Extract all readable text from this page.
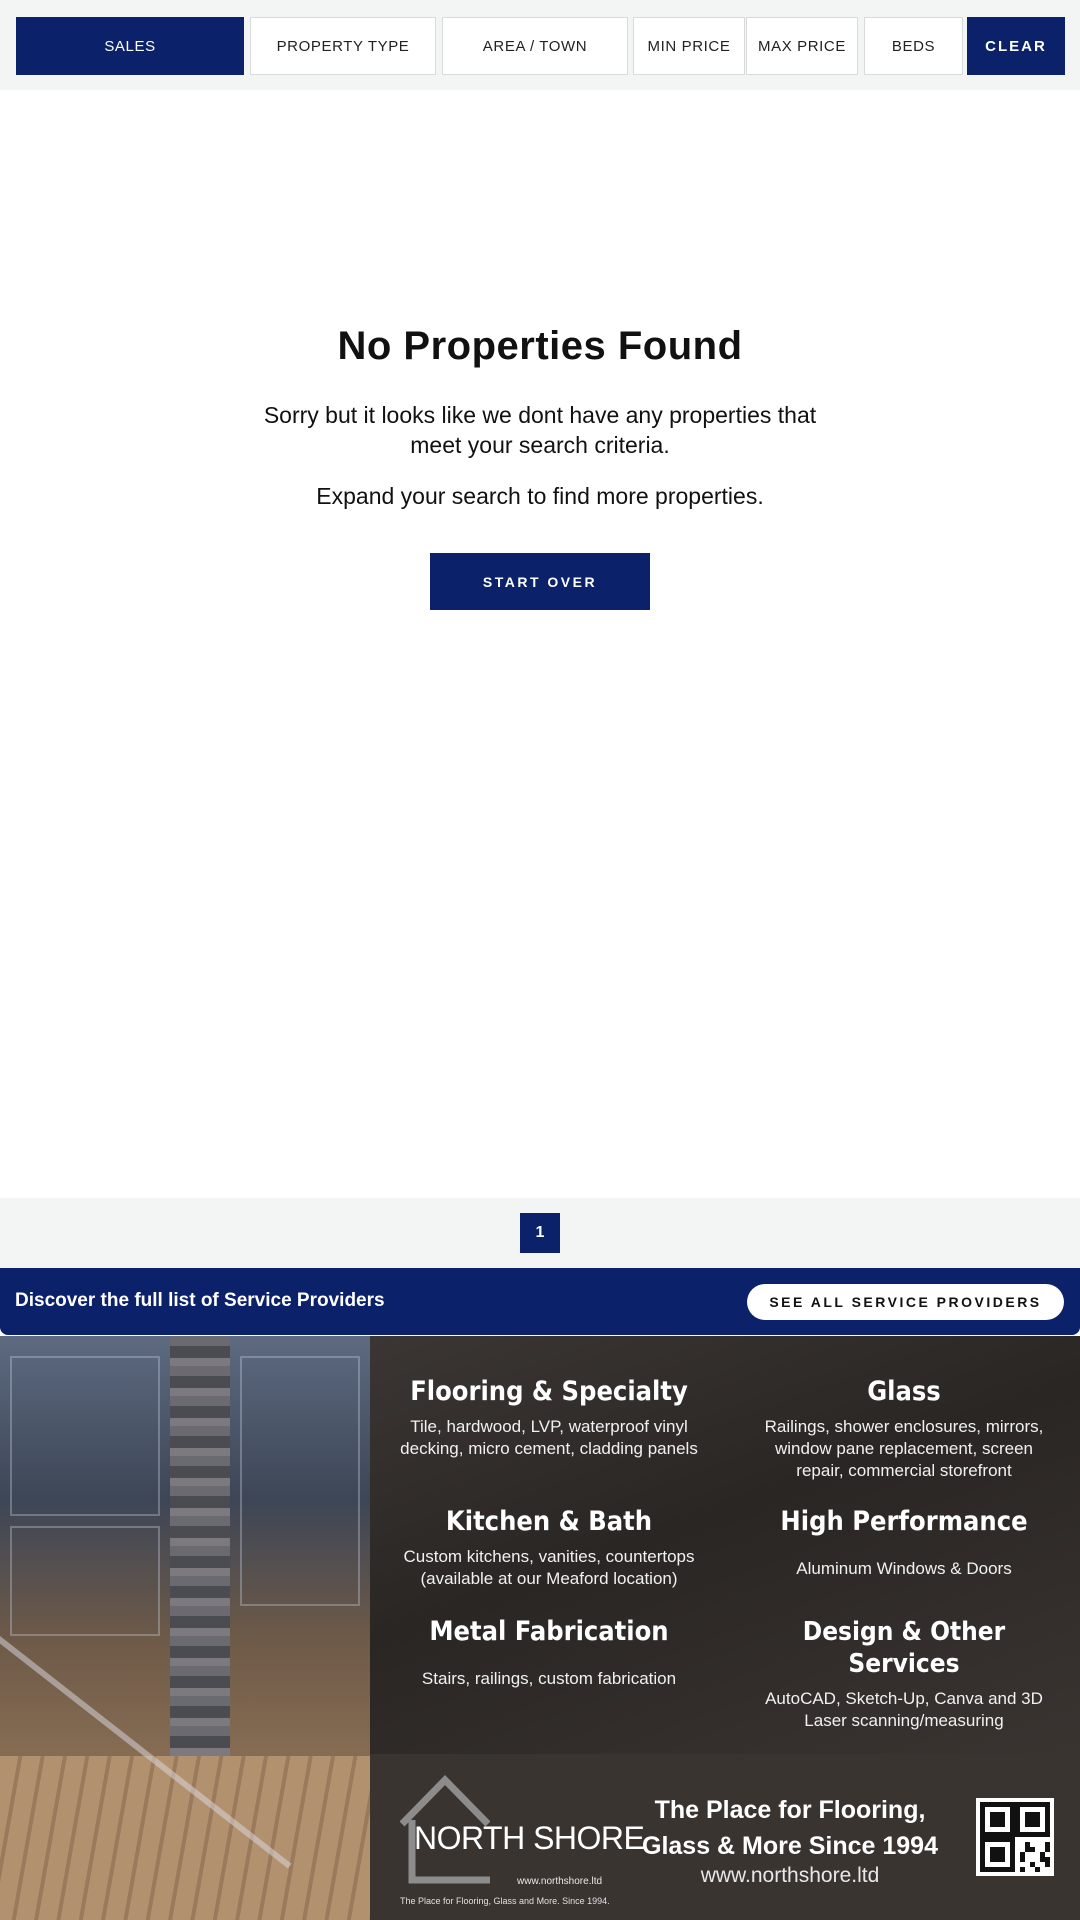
SALES	PROPERTY TYPE	AREA / TOWN	MIN PRICE	MAX PRICE	BEDS	CLEAR
No Properties Found

Sorry but it looks like we dont have any properties that meet your search criteria.

Expand your search to find more properties.

START OVER
1
Discover the full list of Service Providers	SEE ALL SERVICE PROVIDERS
Flooring & Specialty
Tile, hardwood, LVP, waterproof vinyl decking, micro cement, cladding panels
Glass
Railings, shower enclosures, mirrors, window pane replacement, screen repair, commercial storefront
Kitchen & Bath
Custom kitchens, vanities, countertops (available at our Meaford location)
High Performance
Aluminum Windows & Doors
Metal Fabrication
Stairs, railings, custom fabrication
Design & Other Services
AutoCAD, Sketch-Up, Canva and 3D Laser scanning/measuring
NORTH SHORE
www.northshore.ltd
The Place for Flooring, Glass and More. Since 1994.
The Place for Flooring,
Glass & More Since 1994
www.northshore.ltd
